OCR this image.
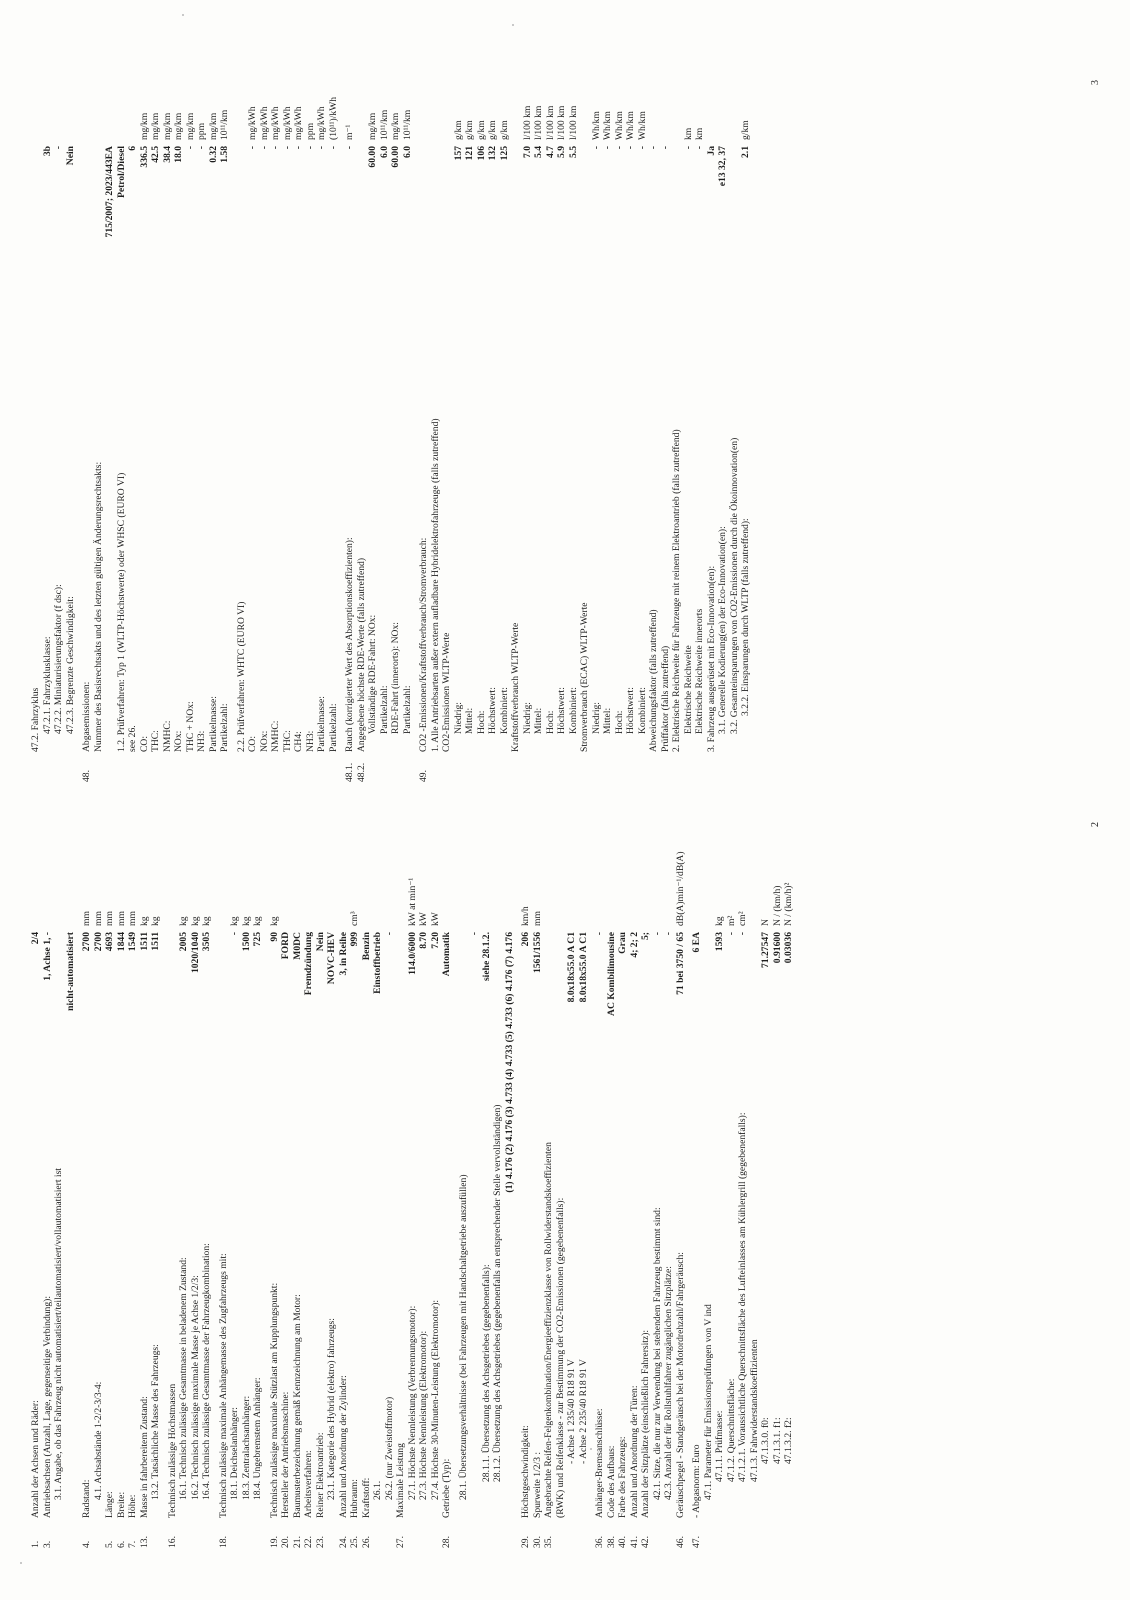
1.
Anzahl der Achsen und Räder:
2/4
3.
Antriebsachsen (Anzahl, Lage, gegenseitige Verbindung):
1, Achse 1, -
3.1. Angabe, ob das Fahrzeug nicht automatisiert/teilautomatisiert/vollautomatisiert ist
nicht-automatisiert
4.
Radstand:
2700
mm
4.1. Achsabstände 1-2/2-3/3-4:
2700
mm
5.
Länge:
4693
mm
6.
Breite:
1844
mm
7.
Höhe:
1549
mm
13.
Masse in fahrbereitem Zustand:
1511
kg
13.2. Tatsächliche Masse des Fahrzeugs:
1511
kg
16.
Technisch zulässige Höchstmassen 16.1. Technisch zulässige Gesamtmasse in beladenem Zustand:
2005
kg
16.2. Technisch zulässige maximale Masse je Achse 1/2/3:
1020/1040
kg
16.4. Technisch zulässige Gesamtmasse der Fahrzeugkombination:
3505
kg
18.
Technisch zulässige maximale Anhängemasse des Zugfahrzeugs mit: 18.1. Deichselanhänger:
-
kg
18.3. Zentralachsanhänger:
1500
kg
18.4. Ungebremstem Anhänger:
725
kg
19.
Technisch zulässige maximale Stützlast am Kupplungspunkt:
90
kg
20.
Hersteller der Antriebsmaschine:
FORD
21.
Baumusterbezeichnung gemäß Kennzeichnung am Motor:
M0DC
22.
Arbeitsverfahren:
Fremdzündung
23.
Reiner Elektroantrieb:
Nein
23.1. Kategorie des Hybrid (elektro) fahrzeugs:
NOVC-HEV
24.
Anzahl und Anordnung der Zylinder:
3, in Reihe
25.
Hubraum:
999
cm³
26.
Kraftstoff:
Benzin
26.1.
Einstoffbetrieb
26.2. (nur Zweistoffmotor)
-
27.
Maximale Leistung 27.1. Höchste Nennleistung (Verbrennungsmotor):
114.0/6000
kW at min⁻¹
27.3. Höchste Nennleistung (Elektromotor):
8.70
kW
27.4. Höchste 30-Minuten-Leistung (Elektromotor):
7.20
kW
28.
Getriebe (Typ):
Automatik
28.1. Übersetzungsverhältnisse (bei Fahrzeugen mit Handschaltgetriebe auszufüllen)
-
28.1.1. Übersetzung des Achsgetriebes (gegebenenfalls):
siehe 28.1.2.
28.1.2. Übersetzung des Achsgetriebes (gegebenenfalls an entsprechender Stelle vervollständigen)
(1) 4.176 (2) 4.176 (3) 4.733 (4) 4.733 (5) 4.733 (6) 4.176 (7) 4.176
29.
Höchstgeschwindigkeit:
206
km/h
30.
Spurweite 1/2/3 :
1561/1556
mm
35.
Angebrachte Reifen-Felgenkombination/Energieeffizienzklasse von Rollwiderstandskoeffizienten (RWK) und Reifenklasse - zur Bestimmung der CO2-Emissionen (gegebenenfalls): - Achse 1 235/40 R18 91 V
8.0x18x55.0 A C1
- Achse 2 235/40 R18 91 V
8.0x18x55.0 A C1
36.
Anhänger-Bremsanschlüsse:
-
38.
Code des Aufbaus:
AC Kombilimousine
40.
Farbe des Fahrzeugs:
Grau
41.
Anzahl und Anordnung der Türen:
4; 2; 2
42.
Anzahl der Sitzplätze (einschließlich Fahrersitz):
5;
42.1. Sitze, die nur zur Verwendung bei stehendem Fahrzeug bestimmt sind:
-
42.3. Anzahl der für Rollstuhlfahrer zugänglichen Sitzplätze:
-
46.
Geräuschpegel - Standgeräusch bei der Motordrehzahl/Fahrgeräusch:
71 bei 3750 / 65
dB(A)min⁻¹/dB(A)
47.
- Abgasnorm: Euro
6 EA
47.1. Parameter für Emissionsprüfungen von V ind 47.1.1. Prüfmasse:
1593
kg
47.1.2. Querschnittsfläche:
-
m²
47.1.2.1. Voraussichtliche Querschnittsfläche des Lufteinlasses am Kühlergrill (gegebenenfalls):
-
cm²
47.1.3. Fahrwiderstandskoeffizienten 47.1.3.0. f0:
71.27547
N
47.1.3.1. f1:
0.91600
N / (km/h)
47.1.3.2. f2:
0.03036
N / (km/h)²
47.2. Fahrzyklus 47.2.1. Fahrzyklusklasse:
3b
47.2.2. Miniaturisierungsfaktor (f dsc):
-
47.2.3. Begrenzte Geschwindigkeit:
Nein
48.
Abgasemissionen: Nummer des Basisrechtsakts und des letzten gültigen Änderungsrechtsakts:
715/2007; 2023/443EA
1.2. Prüfverfahren: Typ 1 (WLTP-Höchstwerte) oder WHSC (EURO VI)
Petrol/Diesel
see 26.
6
CO:
336.5
mg/km
THC:
42.5
mg/km
NMHC:
38.4
mg/km
NOx:
18.0
mg/km
THC + NOx:
-
mg/km
NH3:
-
ppm
Partikelmasse:
0.32
mg/km
Partikelzahl:
1.58
10¹¹/km
2.2. Prüfverfahren: WHTC (EURO VI) CO:
-
mg/kWh
NOx:
-
mg/kWh
NMHC:
-
mg/kWh
THC:
-
mg/kWh
CH4:
-
mg/kWh
NH3:
-
ppm
Partikelmasse:
-
mg/kWh
Partikelzahl:
-
(10¹¹)/kWh
48.1.
Rauch (korrigierter Wert des Absorptionskoeffizienten):
-
m⁻¹
48.2.
Angegebene höchste RDE-Werte (falls zutreffend) Vollständige RDE-Fahrt: NOx:
60.00
mg/km
Partikelzahl:
6.0
10¹¹/km
RDE-Fahrt (innerorts): NOx:
60.00
mg/km
Partikelzahl:
6.0
10¹¹/km
49.
CO2 -Emissionen/Kraftstoffverbrauch/Stromverbrauch: 1. Alle Antriebsarten außer extern aufladbare Hybridelektrofahrzeuge (falls zutreffend) CO2-Emissionen WLTP-Werte Niedrig:
157
g/km
Mittel:
121
g/km
Hoch:
106
g/km
Höchstwert:
132
g/km
Kombiniert:
125
g/km
Kraftstoffverbrauch WLTP-Werte Niedrig:
7.0
l/100 km
Mittel:
5.4
l/100 km
Hoch:
4.7
l/100 km
Höchstwert:
5.9
l/100 km
Kombiniert:
5.5
l/100 km
Stromverbrauch (ECAC) WLTP-Werte Niedrig:
-
Wh/km
Mittel:
-
Wh/km
Hoch:
-
Wh/km
Höchstwert:
-
Wh/km
Kombiniert:
-
Wh/km
Abweichungsfaktor (falls zutreffend)
-
Prüffaktor (falls zutreffend)
-
2. Elektrische Reichweite für Fahrzeuge mit reinem Elektroantrieb (falls zutreffend) Elektrische Reichweite
-
km
Elektrische Reichweite innerorts
-
km
3. Fahrzeug ausgerüstet mit Eco-Innovation(en):
Ja
3.1. Generelle Kodierung(en) der Eco-Innovation(en):
e13 32, 37
3.2. Gesamteinsparungen von CO2-Emissionen durch die Ökoinnovation(en) 3.2.2. Einsparungen durch WLTP (falls zutreffend):
2.1
g/km
2
3
